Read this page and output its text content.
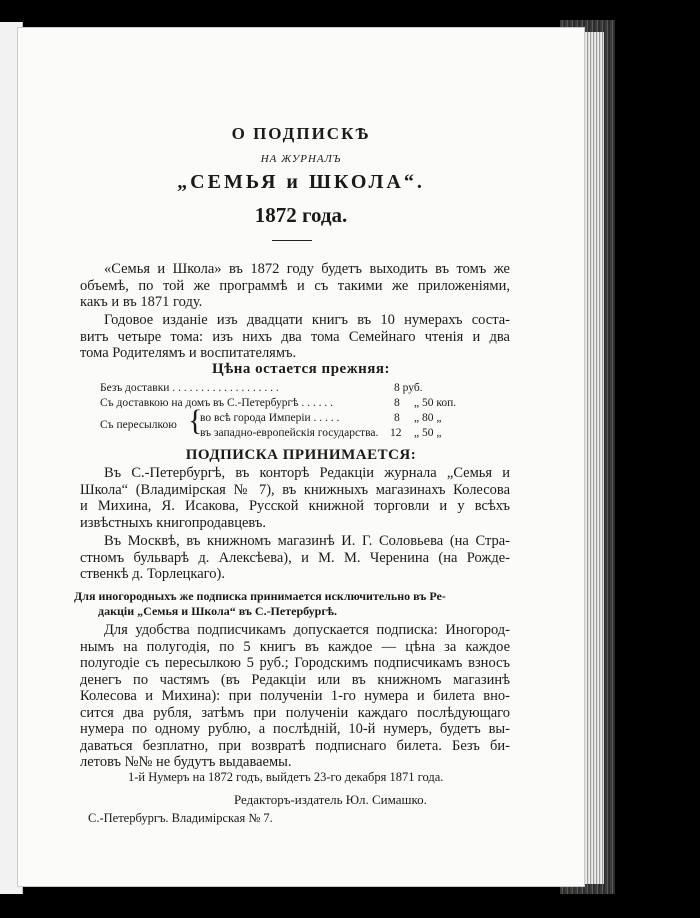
О ПОДПИСКѢ
НА ЖУРНАЛЪ
„СЕМЬЯ и ШКОЛА“.
1872 года.
«Семья и Школа» въ 1872 году будетъ выходить въ томъ же
объемѣ, по той же программѣ и съ такими же приложеніями,
какъ и въ 1871 году.
Годовое изданіе изъ двадцати книгъ въ 10 нумерахъ соста-
витъ четыре тома: изъ нихъ два тома Семейнаго чтенія и два
тома Родителямъ и воспитателямъ.
Цѣна остается прежняя:
Безъ доставки . . . . . . . . . . . . . . . . . . .	8 руб.
Съ доставкою на домъ въ С.-Петербургѣ . . . . . .	8 „ 50 коп.
Съ пересылкою
во всѣ города Имперіи . . . . .	8 „ 80 „
въ западно-европейскія государства. 12 „ 50 „
{
ПОДПИСКА ПРИНИМАЕТСЯ:
Въ С.-Петербургѣ, въ конторѣ Редакціи журнала „Семья и
Школа“ (Владимірская № 7), въ книжныхъ магазинахъ Колесова
и Михина, Я. Исакова, Русской книжной торговли и у всѣхъ
извѣстныхъ книгопродавцевъ.
Въ Москвѣ, въ книжномъ магазинѣ И. Г. Соловьева (на Стра-
стномъ бульварѣ д. Алексѣева), и М. М. Черенина (на Рожде-
ственкѣ д. Торлецкаго).
Для иногородныхъ же подписка принимается исключительно въ Ре-
дакціи „Семья и Школа“ въ С.-Петербургѣ.
Для удобства подписчикамъ допускается подписка: Иногород-
нымъ на полугодія, по 5 книгъ въ каждое — цѣна за каждое
полугодіе съ пересылкою 5 руб.; Городскимъ подписчикамъ взносъ
денегъ по частямъ (въ Редакціи или въ книжномъ магазинѣ
Колесова и Михина): при полученіи 1-го нумера и билета вно-
сится два рубля, затѣмъ при полученіи каждаго послѣдующаго
нумера по одному рублю, а послѣдній, 10-й нумеръ, будетъ вы-
даваться безплатно, при возвратѣ подписнаго билета. Безъ би-
летовъ №№ не будутъ выдаваемы.
1-й Нумеръ на 1872 годъ, выйдетъ 23-го декабря 1871 года.
Редакторъ-издатель Юл. Симашко.
С.-Петербургъ. Владимірская № 7.
